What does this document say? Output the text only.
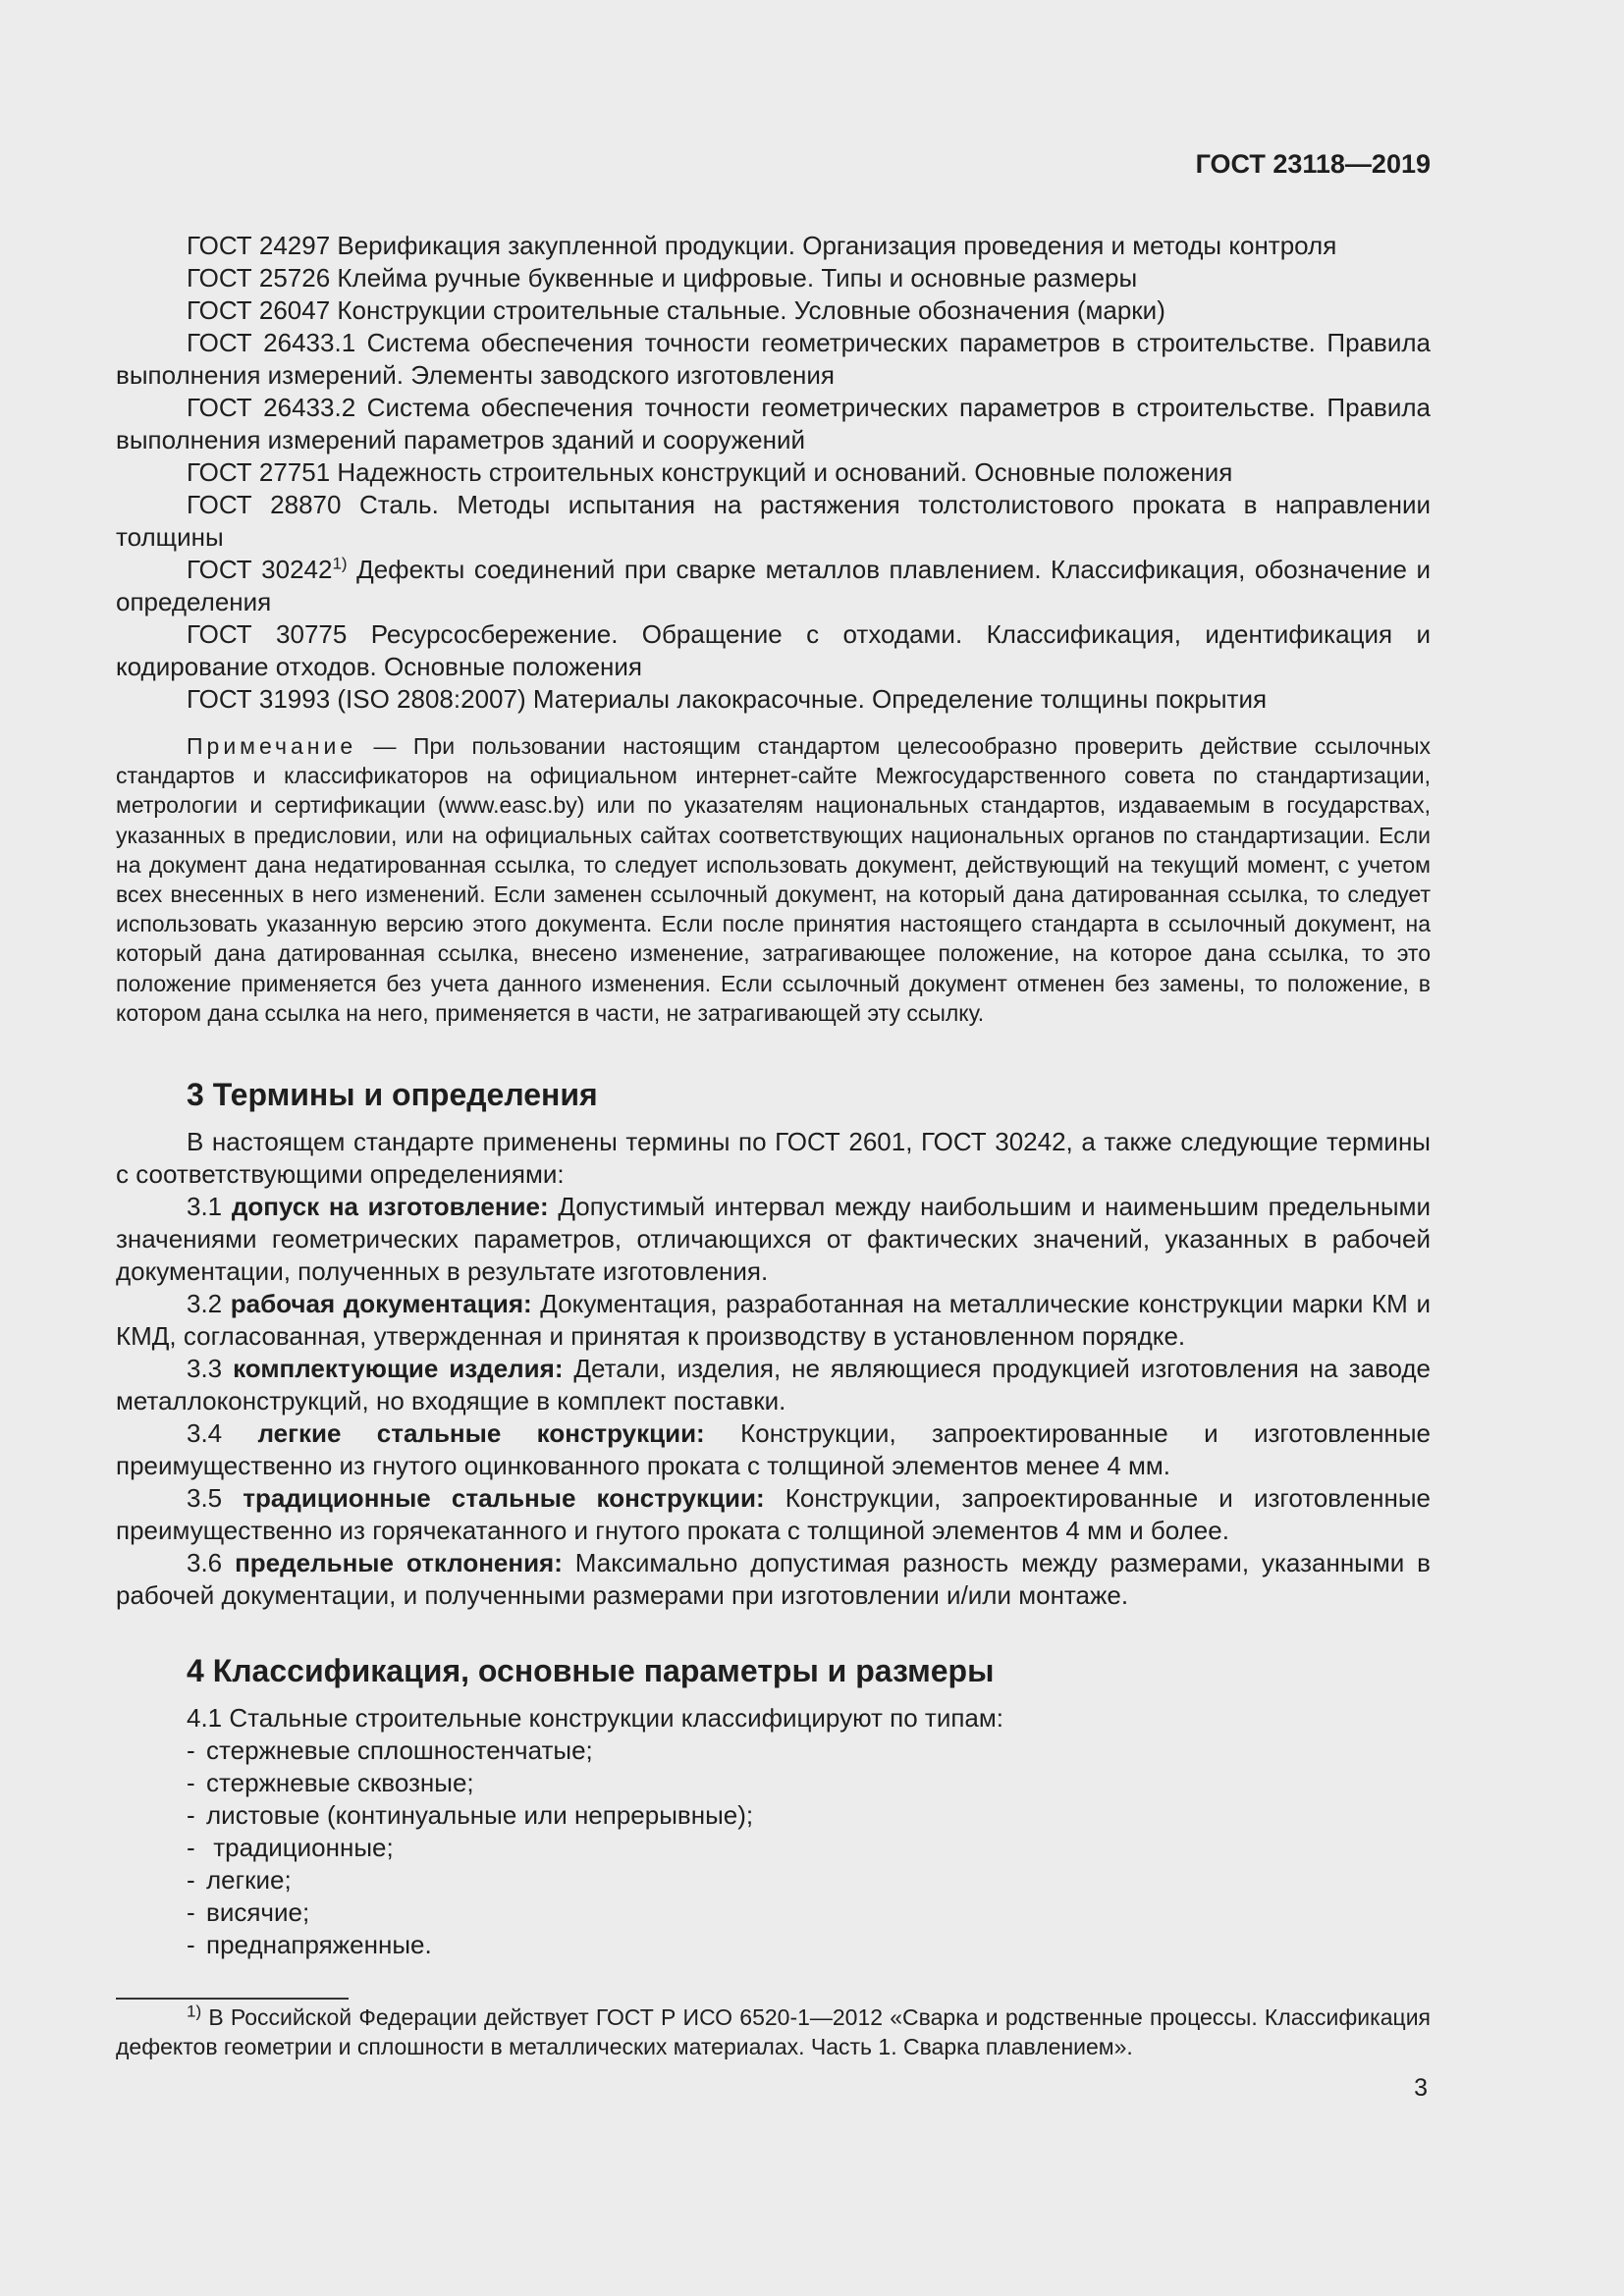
ГОСТ 23118—2019

ГОСТ 24297 Верификация закупленной продукции. Организация проведения и методы контроля

ГОСТ 25726 Клейма ручные буквенные и цифровые. Типы и основные размеры

ГОСТ 26047 Конструкции строительные стальные. Условные обозначения (марки)

ГОСТ 26433.1 Система обеспечения точности геометрических параметров в строительстве. Правила выполнения измерений. Элементы заводского изготовления

ГОСТ 26433.2 Система обеспечения точности геометрических параметров в строительстве. Правила выполнения измерений параметров зданий и сооружений

ГОСТ 27751 Надежность строительных конструкций и оснований. Основные положения

ГОСТ 28870 Сталь. Методы испытания на растяжения толстолистового проката в направлении толщины

ГОСТ 30242$^{1)}$ Дефекты соединений при сварке металлов плавлением. Классификация, обозначение и определения

ГОСТ 30775 Ресурсосбережение. Обращение с отходами. Классификация, идентификация и кодирование отходов. Основные положения

ГОСТ 31993 (ISO 2808:2007) Материалы лакокрасочные. Определение толщины покрытия

Примечание — При пользовании настоящим стандартом целесообразно проверить действие ссылочных стандартов и классификаторов на официальном интернет-сайте Межгосударственного совета по стандартизации, метрологии и сертификации (www.easc.by) или по указателям национальных стандартов, издаваемым в государствах, указанных в предисловии, или на официальных сайтах соответствующих национальных органов по стандартизации. Если на документ дана недатированная ссылка, то следует использовать документ, действующий на текущий момент, с учетом всех внесенных в него изменений. Если заменен ссылочный документ, на который дана датированная ссылка, то следует использовать указанную версию этого документа. Если после принятия настоящего стандарта в ссылочный документ, на который дана датированная ссылка, внесено изменение, затрагивающее положение, на которое дана ссылка, то это положение применяется без учета данного изменения. Если ссылочный документ отменен без замены, то положение, в котором дана ссылка на него, применяется в части, не затрагивающей эту ссылку.

3 Термины и определения

В настоящем стандарте применены термины по ГОСТ 2601, ГОСТ 30242, а также следующие термины с соответствующими определениями:

3.1 допуск на изготовление: Допустимый интервал между наибольшим и наименьшим предельными значениями геометрических параметров, отличающихся от фактических значений, указанных в рабочей документации, полученных в результате изготовления.

3.2 рабочая документация: Документация, разработанная на металлические конструкции марки КМ и КМД, согласованная, утвержденная и принятая к производству в установленном порядке.

3.3 комплектующие изделия: Детали, изделия, не являющиеся продукцией изготовления на заводе металлоконструкций, но входящие в комплект поставки.

3.4 легкие стальные конструкции: Конструкции, запроектированные и изготовленные преимущественно из гнутого оцинкованного проката с толщиной элементов менее 4 мм.

3.5 традиционные стальные конструкции: Конструкции, запроектированные и изготовленные преимущественно из горячекатанного и гнутого проката с толщиной элементов 4 мм и более.

3.6 предельные отклонения: Максимально допустимая разность между размерами, указанными в рабочей документации, и полученными размерами при изготовлении и/или монтаже.

4 Классификация, основные параметры и размеры

4.1 Стальные строительные конструкции классифицируют по типам:

- стержневые сплошностенчатые;
- стержневые сквозные;
- листовые (континуальные или непрерывные);
- традиционные;
- легкие;
- висячие;
- преднапряженные.

$^{1)}$ В Российской Федерации действует ГОСТ Р ИСО 6520-1—2012 «Сварка и родственные процессы. Классификация дефектов геометрии и сплошности в металлических материалах. Часть 1. Сварка плавлением».

3
